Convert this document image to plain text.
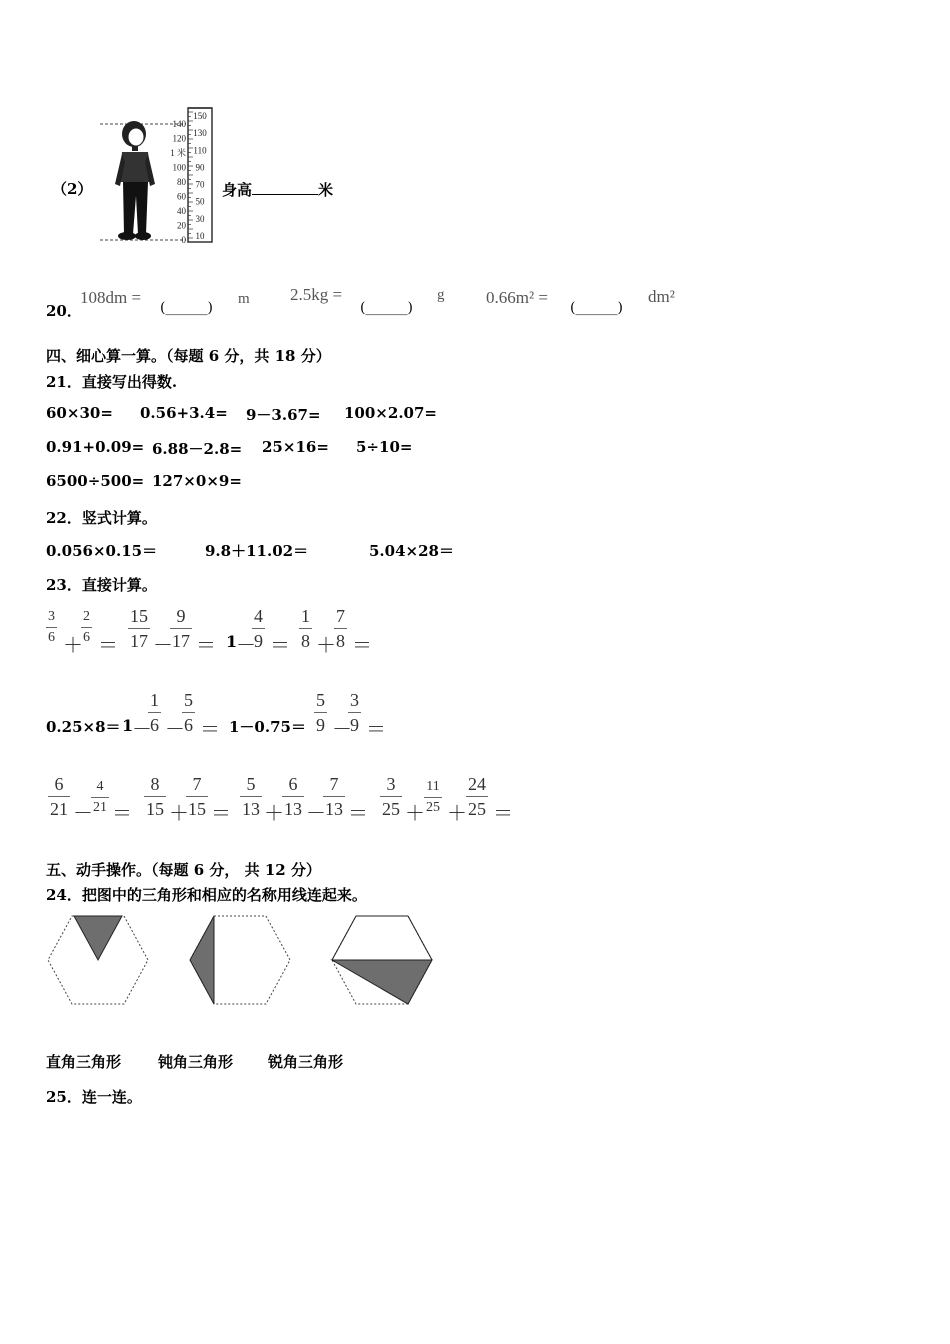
（2）
140
120
1 米
100
80
60
40
20
0
150
130
110
90
70
50
30
10
身高	米
20．
108dm =
(______)
m 2.5kg =
(______)
g 0.66m² =
(______)
dm²
四、细心算一算。（每题 6 分，共 18 分）
21．直接写出得数.
60×30= 0.56+3.4= 9－3.67= 100×2.07=
0.91+0.09= 6.88－2.8= 25×16= 5÷10=
6500÷500= 127×0×9=
22．竖式计算。
0.056×0.15＝	9.8＋11.02＝	5.04×28＝
23．直接计算。
$\frac{3}{6}$
＋
$\frac{2}{6}$
＝ $\frac{15}{17}$ －
$\frac{9}{17} = 1$
－
$\frac{4}{9} = \frac{1}{8}$ ＋
$\frac{7}{8}$ ＝
0.25×8＝ 1
－
$\frac{1}{6}$ －
$\frac{5}{6} = 1-0.75= \frac{5}{9}$ －
$\frac{3}{9}$ ＝
$\frac{6}{21}$ －
$\frac{4}{21} = \frac{8}{15}$ ＋
$\frac{7}{15} = \frac{5}{13}$ ＋
$\frac{6}{13}$ －
$\frac{7}{13} = \frac{3}{25} + \frac{11}{25} + \frac{24}{25}$ ＝
五、动手操作。（每题 6 分， 共 12 分）
24．把图中的三角形和相应的名称用线连起来。
直角三角形 钝角三角形 锐角三角形
25．连一连。
